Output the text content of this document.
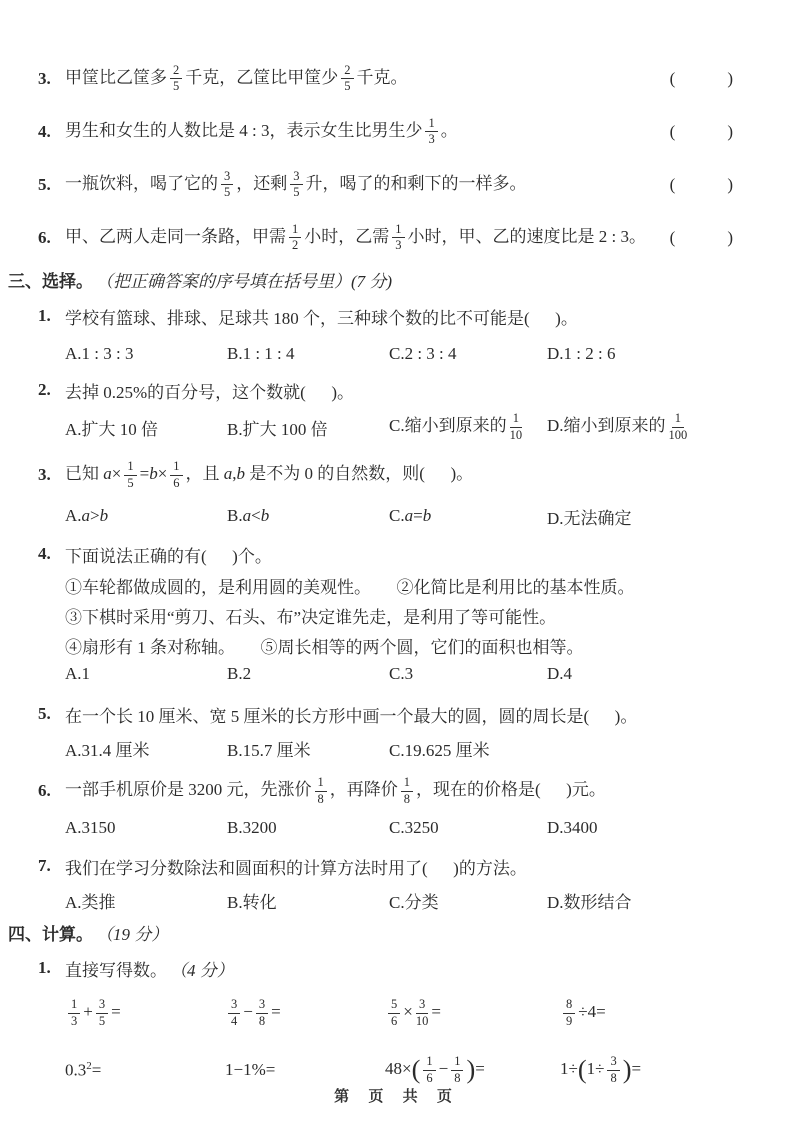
3. 甲筐比乙筐多 $\frac{2}{5}$ 千克，乙筐比甲筐少 $\frac{2}{5}$ 千克。	(        )
4. 男生和女生的人数比是 4 : 3，表示女生比男生少 $\frac{1}{3}$ 。	(        )
5. 一瓶饮料，喝了它的 $\frac{3}{5}$ ，还剩 $\frac{3}{5}$ 升，喝了的和剩下的一样多。	(        )
6. 甲、乙两人走同一条路，甲需 $\frac{1}{2}$ 小时，乙需 $\frac{1}{3}$ 小时，甲、乙的速度比是 2 : 3。 (        )
三、选择。 （把正确答案的序号填在括号里）(7 分)
1. 学校有篮球、排球、足球共 180 个，三种球个数的比不可能是(      )。
A.1 : 3 : 3	B.1 : 1 : 4	C.2 : 3 : 4	D.1 : 2 : 6
2. 去掉 0.25%的百分号，这个数就(      )。
A.扩大 10 倍	B.扩大 100 倍	C.缩小到原来的 $\frac{1}{10} D$.缩小到原来的 $\frac{1}{100}$
3. 已知 $a\times \frac{1}{5} =b\times \frac{1}{6}$ ，且 a,b 是不为 0 的自然数，则(      )。
A.a>b	B.a<b	C.a=b	D.无法确定
4. 下面说法正确的有(      )个。
①车轮都做成圆的，是利用圆的美观性。　　②化简比是利用比的基本性质。
③下棋时采用“剪刀、石头、布”决定谁先走，是利用了等可能性。
④扇形有 1 条对称轴。　　⑤周长相等的两个圆，它们的面积也相等。
A.1	B.2	C.3	D.4
5. 在一个长 10 厘米、宽 5 厘米的长方形中画一个最大的圆，圆的周长是(      )。
A.31.4 厘米	B.15.7 厘米	C.19.625 厘米
6. 一部手机原价是 3200 元，先涨价 $\frac{1}{8}$ ，再降价 $\frac{1}{8}$ ，现在的价格是(      )元。
A.3150	B.3200	C.3250	D.3400
7. 我们在学习分数除法和圆面积的计算方法时用了(      )的方法。
A.类推	B.转化	C.分类	D.数形结合
四、计算。 （19 分）
1. 直接写得数。 （4 分）
$\frac{1}{3} + \frac{3}{5}$ =	$\frac{3}{4} - \frac{3}{8}$ =	$\frac{5}{6} \times \frac{3}{10}$ =	$\frac{8}{9} \div 4=$
$0.3^2=$	1−1%=	$48\times( \frac{1}{6} - \frac{1}{8}$ )=	$1\div(1\div \frac{3}{8}$ )=
第 页 共 页
